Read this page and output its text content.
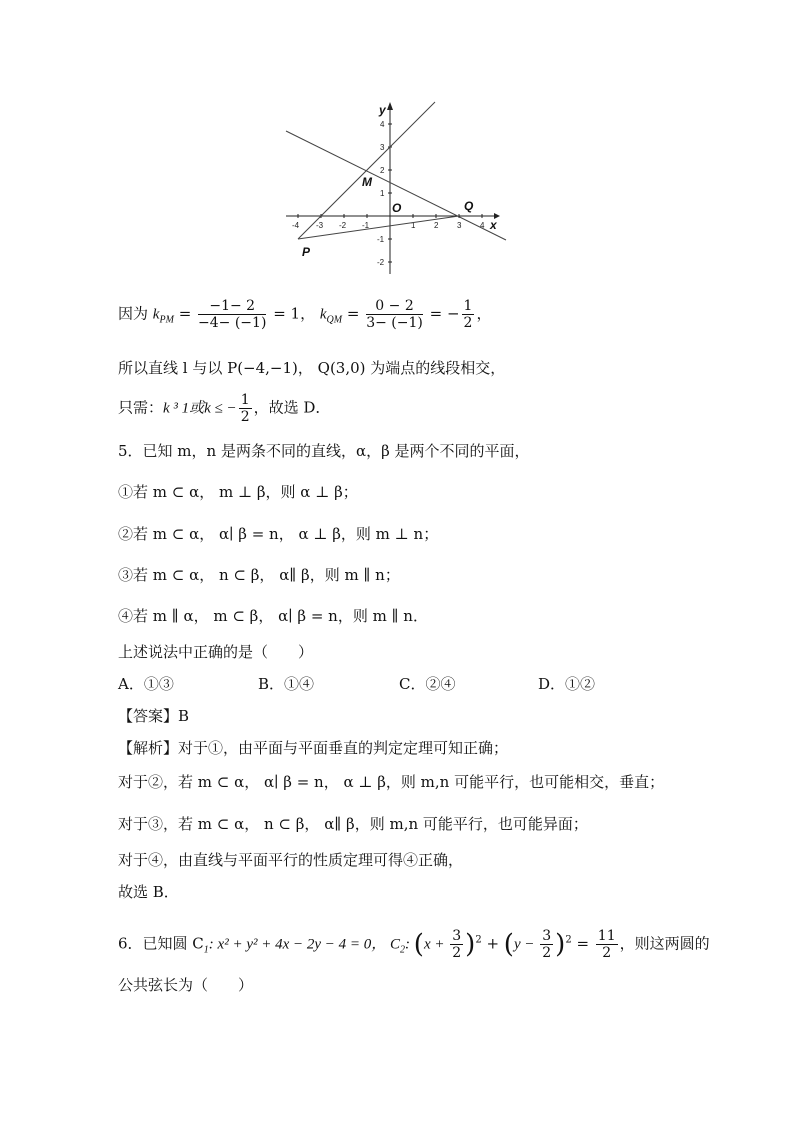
-4 -3 -2 -1	1 2 3 4
4
3
2
1
-1
-2
y
x
O
M
P
Q
因为 $k_{PM} = \frac{-1- 2}{-4- (-1)} = 1$， $k_{QM} = \frac{0 - 2}{3- (-1)}$ = − $\frac{1}{2}$ ，
所以直线 l 与以 P(−4,−1)， Q(3,0) 为端点的线段相交，
只需：k ³ 1或k ≤ − $\frac{1}{2}$ ，故选 D．
5．已知 m，n 是两条不同的直线，α，β 是两个不同的平面，
①若 m ⊂ α， m ⊥ β，则 α ⊥ β；
②若 m ⊂ α， α∣ β = n， α ⊥ β，则 m ⊥ n；
③若 m ⊂ α， n ⊂ β， α∥ β，则 m ∥ n；
④若 m ∥ α， m ⊂ β， α∣ β = n，则 m ∥ n．
上述说法中正确的是（　　）
A．①③	B．①④	C．②④	D．①②
【答案】B
【解析】对于①，由平面与平面垂直的判定定理可知正确；
对于②，若 m ⊂ α， α∣ β = n， α ⊥ β，则 m,n 可能平行，也可能相交，垂直；
对于③，若 m ⊂ α， n ⊂ β， α∥ β，则 m,n 可能平行，也可能异面；
对于④，由直线与平面平行的性质定理可得④正确，
故选 B．
6．已知圆 $C_1$: x² + y² + 4x − 2y − 4 = 0， $C_2$: $(x + \frac{3}{2} )^2 + (y - \frac{3}{2} )^2 = \frac{11}{2}$ ，则这两圆的
公共弦长为（　　）
